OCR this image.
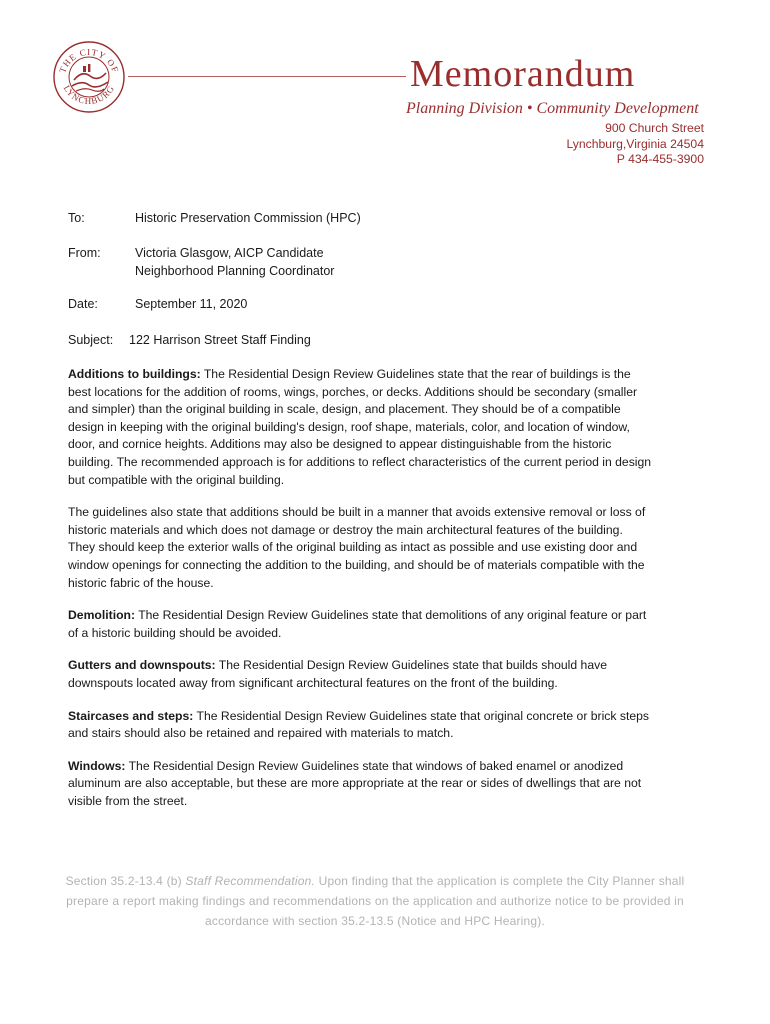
THE CITY OF
LYNCHBURG	Memorandum
Planning Division • Community Development
900 Church Street
Lynchburg,Virginia 24504
P 434-455-3900
To:	Historic Preservation Commission (HPC)
From:	Victoria Glasgow, AICP Candidate
Neighborhood Planning Coordinator
Date:	September 11, 2020
Subject: 122 Harrison Street Staff Finding

Additions to buildings: The Residential Design Review Guidelines state that the rear of buildings is the best locations for the addition of rooms, wings, porches, or decks. Additions should be secondary (smaller and simpler) than the original building in scale, design, and placement. They should be of a compatible design in keeping with the original building's design, roof shape, materials, color, and location of window, door, and cornice heights. Additions may also be designed to appear distinguishable from the historic building. The recommended approach is for additions to reflect characteristics of the current period in design but compatible with the original building.

The guidelines also state that additions should be built in a manner that avoids extensive removal or loss of historic materials and which does not damage or destroy the main architectural features of the building. They should keep the exterior walls of the original building as intact as possible and use existing door and window openings for connecting the addition to the building, and should be of materials compatible with the historic fabric of the house.

Demolition: The Residential Design Review Guidelines state that demolitions of any original feature or part of a historic building should be avoided.

Gutters and downspouts: The Residential Design Review Guidelines state that builds should have downspouts located away from significant architectural features on the front of the building.

Staircases and steps: The Residential Design Review Guidelines state that original concrete or brick steps and stairs should also be retained and repaired with materials to match.

Windows: The Residential Design Review Guidelines state that windows of baked enamel or anodized aluminum are also acceptable, but these are more appropriate at the rear or sides of dwellings that are not visible from the street.

Section 35.2-13.4 (b) Staff Recommendation. Upon finding that the application is complete the City Planner shall prepare a report making findings and recommendations on the application and authorize notice to be provided in accordance with section 35.2-13.5 (Notice and HPC Hearing).
